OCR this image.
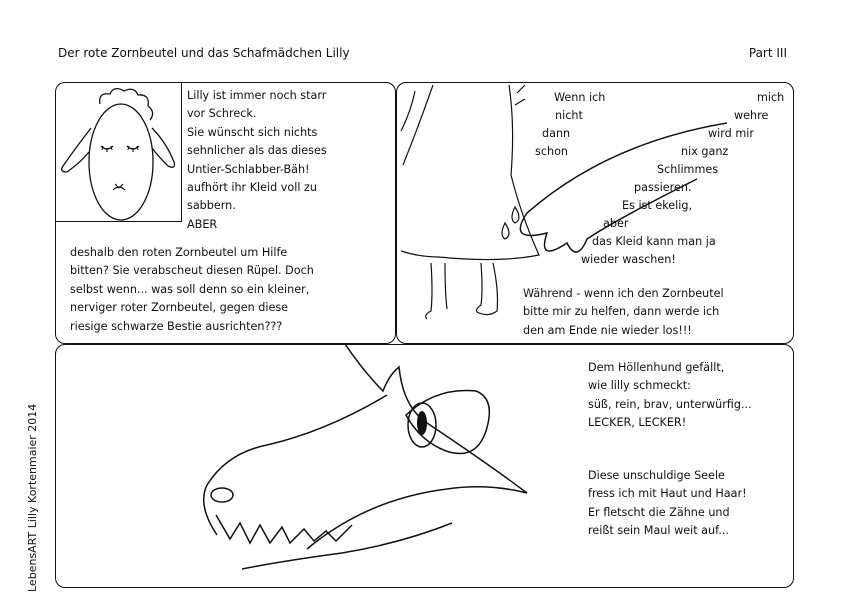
Der rote Zornbeutel und das Schafmädchen Lilly	Part III
Lilly ist immer noch starr
vor Schreck.
Sie wünscht sich nichts
sehnlicher als das dieses
Untier-Schlabber-Bäh!
aufhört ihr Kleid voll zu
sabbern.
ABER
deshalb den roten Zornbeutel um Hilfe
bitten? Sie verabscheut diesen Rüpel. Doch
selbst wenn... was soll denn so ein kleiner,
nerviger roter Zornbeutel, gegen diese
riesige schwarze Bestie ausrichten???

Wenn ich

	mich

nicht

	wehre

dann

	wird mir

schon

	nix ganz

Schlimmes

passieren.

Es ist ekelig,

aber

das Kleid kann man ja

wieder waschen!

Während - wenn ich den Zornbeutel
bitte mir zu helfen, dann werde ich
den am Ende nie wieder los!!!
Dem Höllenhund gefällt,
wie lilly schmeckt:
süß, rein, brav, unterwürfig...
LECKER, LECKER!
Diese unschuldige Seele
fress ich mit Haut und Haar!
Er fletscht die Zähne und
reißt sein Maul weit auf...
LebensART Lilly Kortenmaier 2014
